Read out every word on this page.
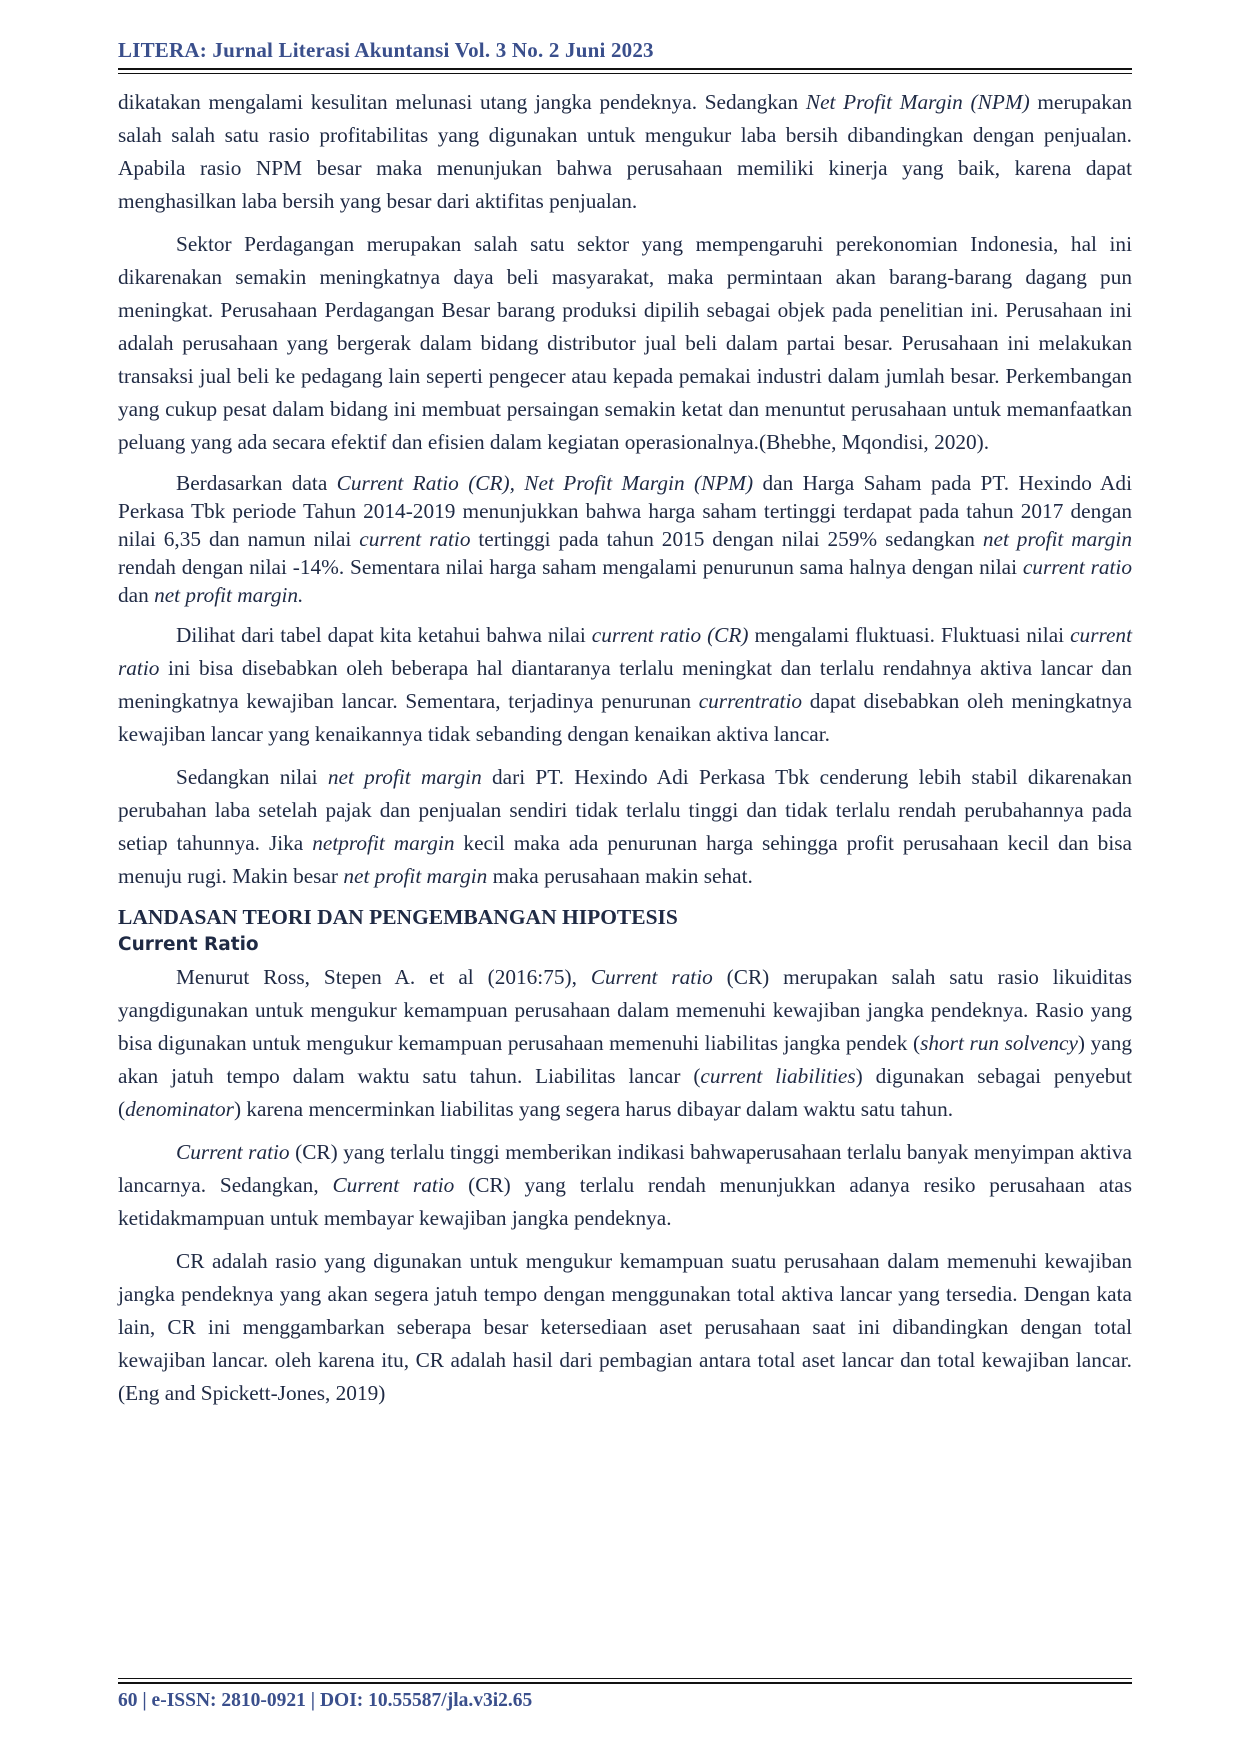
LITERA: Jurnal Literasi Akuntansi Vol. 3 No. 2 Juni 2023

dikatakan mengalami kesulitan melunasi utang jangka pendeknya. Sedangkan Net Profit Margin (NPM) merupakan salah salah satu rasio profitabilitas yang digunakan untuk mengukur laba bersih dibandingkan dengan penjualan. Apabila rasio NPM besar maka menunjukan bahwa perusahaan memiliki kinerja yang baik, karena dapat menghasilkan laba bersih yang besar dari aktifitas penjualan.

Sektor Perdagangan merupakan salah satu sektor yang mempengaruhi perekonomian Indonesia, hal ini dikarenakan semakin meningkatnya daya beli masyarakat, maka permintaan akan barang-barang dagang pun meningkat. Perusahaan Perdagangan Besar barang produksi dipilih sebagai objek pada penelitian ini. Perusahaan ini adalah perusahaan yang bergerak dalam bidang distributor jual beli dalam partai besar. Perusahaan ini melakukan transaksi jual beli ke pedagang lain seperti pengecer atau kepada pemakai industri dalam jumlah besar. Perkembangan yang cukup pesat dalam bidang ini membuat persaingan semakin ketat dan menuntut perusahaan untuk memanfaatkan peluang yang ada secara efektif dan efisien dalam kegiatan operasionalnya.(Bhebhe, Mqondisi, 2020).

Berdasarkan data Current Ratio (CR), Net Profit Margin (NPM) dan Harga Saham pada PT. Hexindo Adi Perkasa Tbk periode Tahun 2014-2019 menunjukkan bahwa harga saham tertinggi terdapat pada tahun 2017 dengan nilai 6,35 dan namun nilai current ratio tertinggi pada tahun 2015 dengan nilai 259% sedangkan net profit margin rendah dengan nilai -14%. Sementara nilai harga saham mengalami penurunun sama halnya dengan nilai current ratio dan net profit margin.

Dilihat dari tabel dapat kita ketahui bahwa nilai current ratio (CR) mengalami fluktuasi. Fluktuasi nilai current ratio ini bisa disebabkan oleh beberapa hal diantaranya terlalu meningkat dan terlalu rendahnya aktiva lancar dan meningkatnya kewajiban lancar. Sementara, terjadinya penurunan currentratio dapat disebabkan oleh meningkatnya kewajiban lancar yang kenaikannya tidak sebanding dengan kenaikan aktiva lancar.

Sedangkan nilai net profit margin dari PT. Hexindo Adi Perkasa Tbk cenderung lebih stabil dikarenakan perubahan laba setelah pajak dan penjualan sendiri tidak terlalu tinggi dan tidak terlalu rendah perubahannya pada setiap tahunnya. Jika netprofit margin kecil maka ada penurunan harga sehingga profit perusahaan kecil dan bisa menuju rugi. Makin besar net profit margin maka perusahaan makin sehat.

LANDASAN TEORI DAN PENGEMBANGAN HIPOTESIS
Current Ratio

Menurut Ross, Stepen A. et al (2016:75), Current ratio (CR) merupakan salah satu rasio likuiditas yangdigunakan untuk mengukur kemampuan perusahaan dalam memenuhi kewajiban jangka pendeknya. Rasio yang bisa digunakan untuk mengukur kemampuan perusahaan memenuhi liabilitas jangka pendek (short run solvency) yang akan jatuh tempo dalam waktu satu tahun. Liabilitas lancar (current liabilities) digunakan sebagai penyebut (denominator) karena mencerminkan liabilitas yang segera harus dibayar dalam waktu satu tahun.

Current ratio (CR) yang terlalu tinggi memberikan indikasi bahwaperusahaan terlalu banyak menyimpan aktiva lancarnya. Sedangkan, Current ratio (CR) yang terlalu rendah menunjukkan adanya resiko perusahaan atas ketidakmampuan untuk membayar kewajiban jangka pendeknya.

CR adalah rasio yang digunakan untuk mengukur kemampuan suatu perusahaan dalam memenuhi kewajiban jangka pendeknya yang akan segera jatuh tempo dengan menggunakan total aktiva lancar yang tersedia. Dengan kata lain, CR ini menggambarkan seberapa besar ketersediaan aset perusahaan saat ini dibandingkan dengan total kewajiban lancar. oleh karena itu, CR adalah hasil dari pembagian antara total aset lancar dan total kewajiban lancar. (Eng and Spickett-Jones, 2019)

60 | e-ISSN: 2810-0921 | DOI: 10.55587/jla.v3i2.65
